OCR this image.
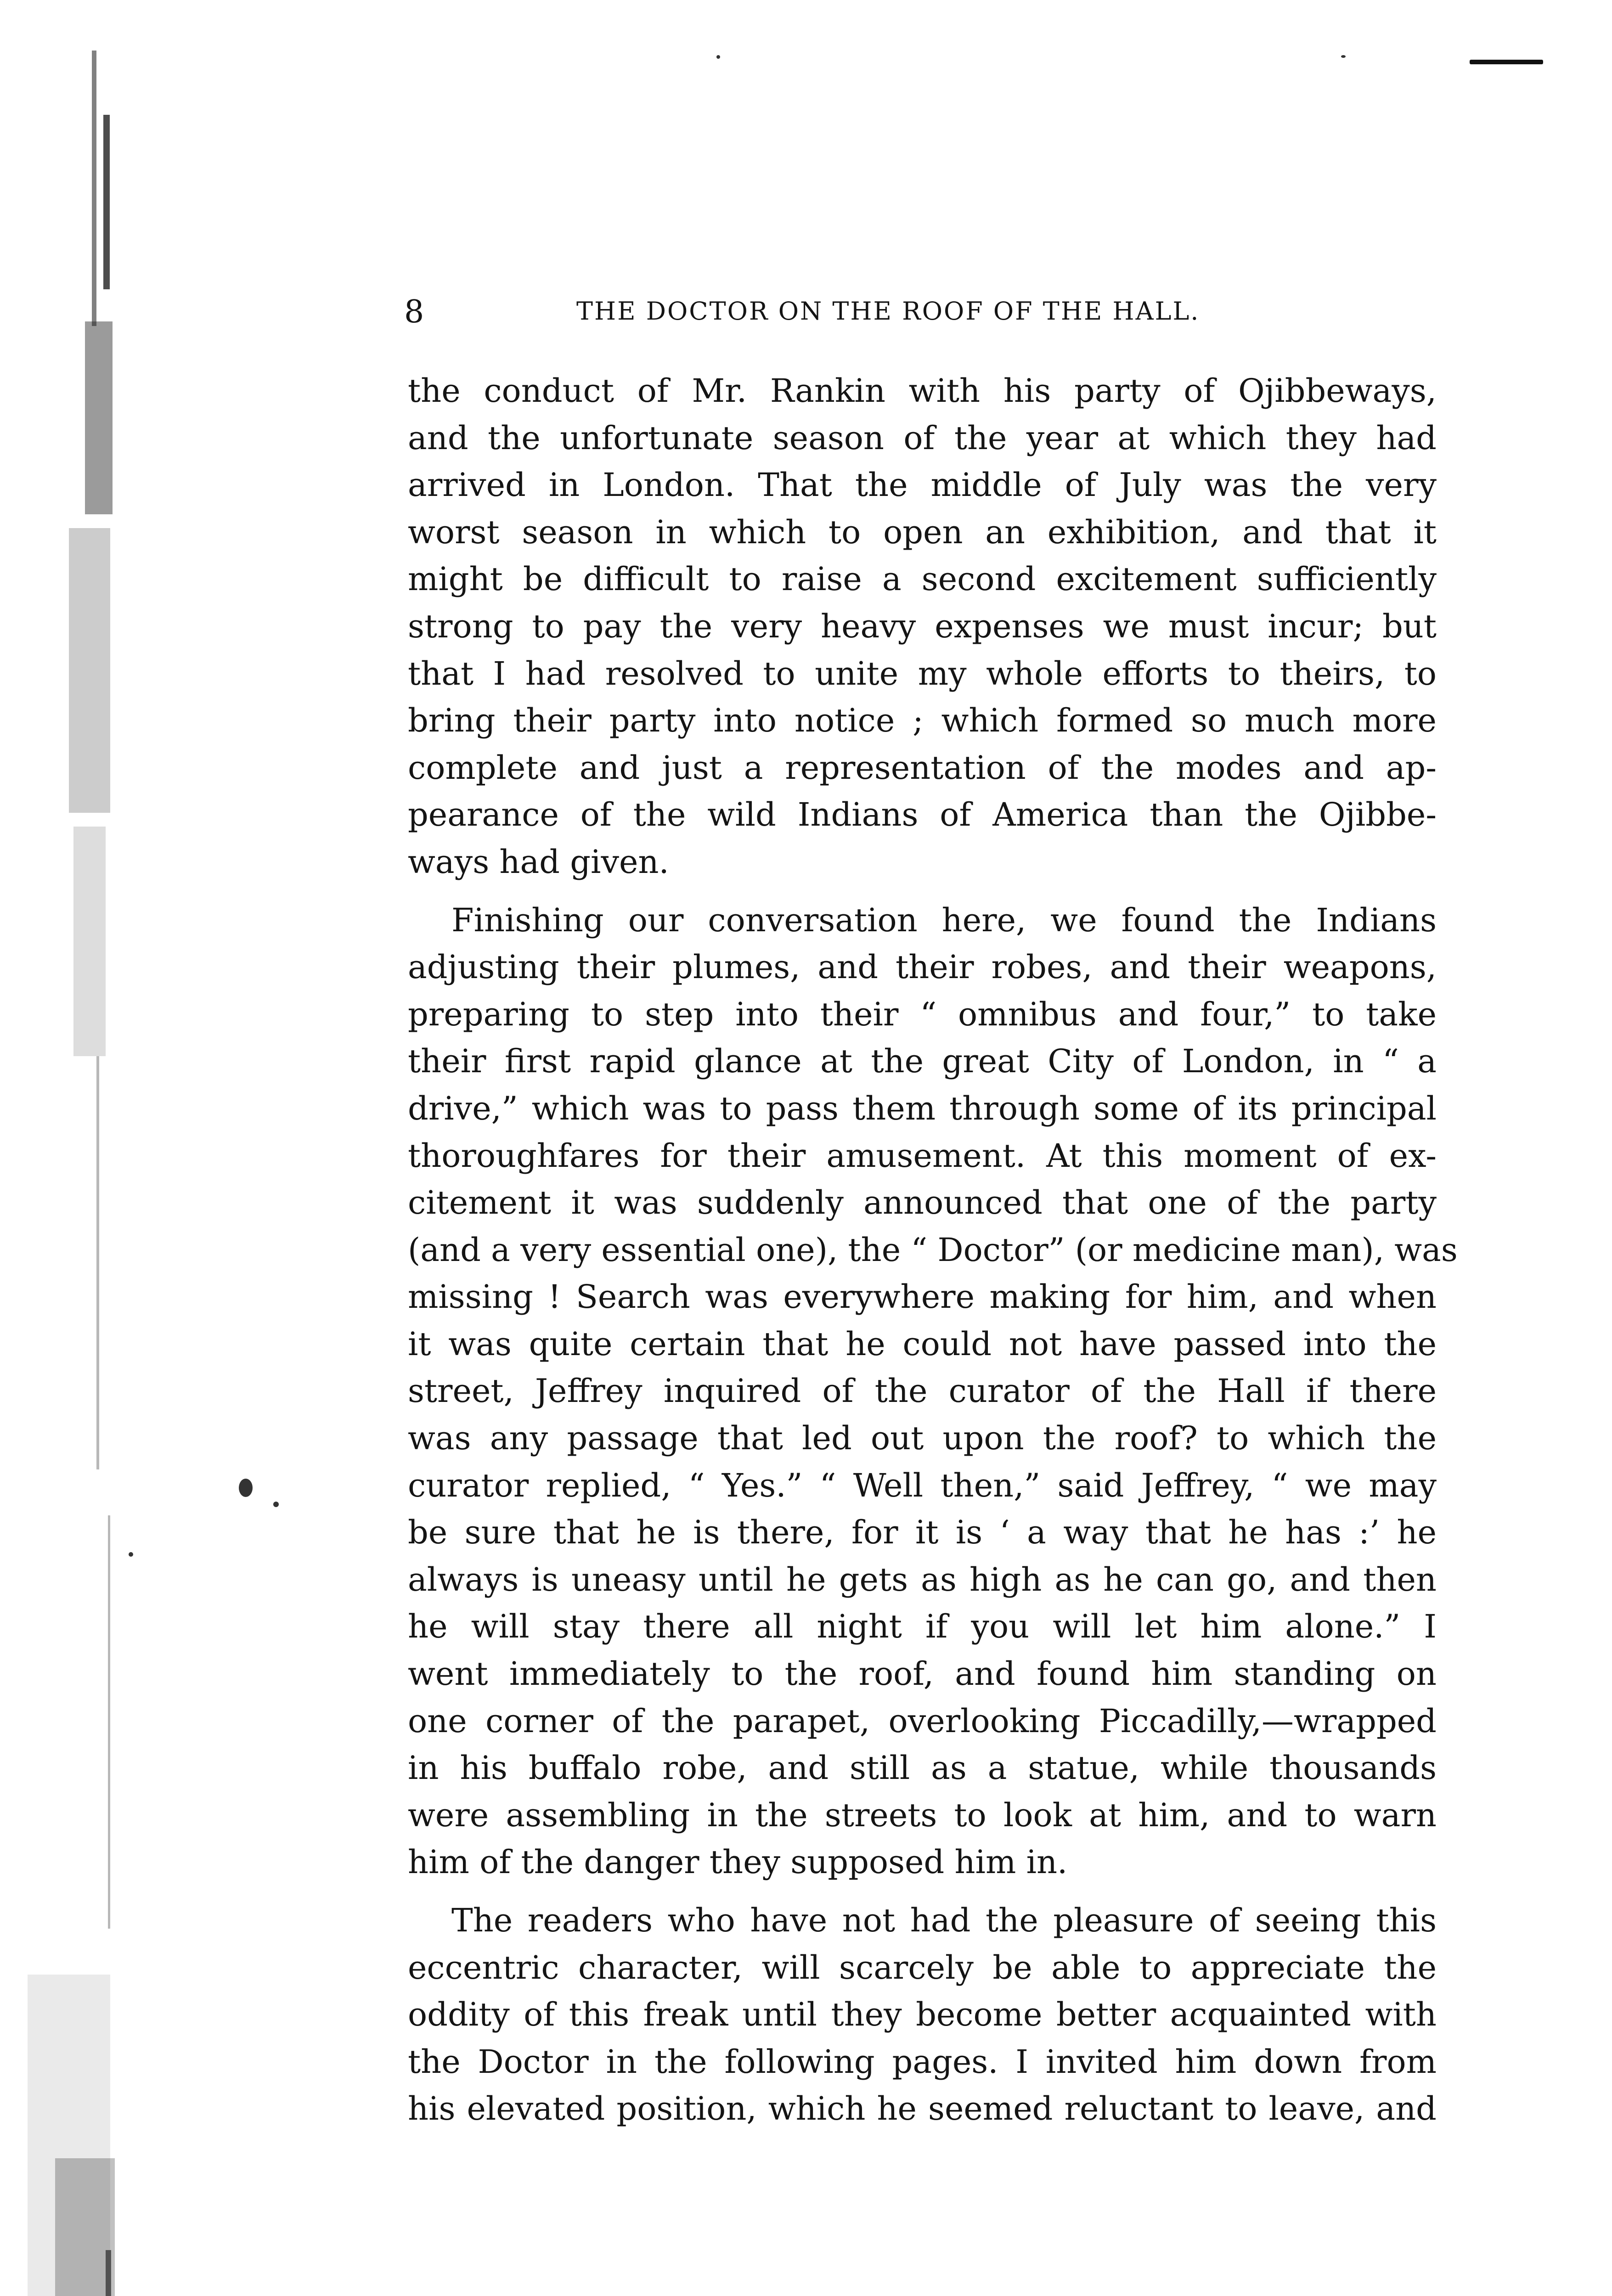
8	THE DOCTOR ON THE ROOF OF THE HALL.
the conduct of Mr. Rankin with his party of Ojibbeways,
and the unfortunate season of the year at which they had
arrived in London. That the middle of July was the very
worst season in which to open an exhibition, and that it
might be difficult to raise a second excitement sufficiently
strong to pay the very heavy expenses we must incur; but
that I had resolved to unite my whole efforts to theirs, to
bring their party into notice ; which formed so much more
complete and just a representation of the modes and ap-
pearance of the wild Indians of America than the Ojibbe-
ways had given.
Finishing our conversation here, we found the Indians
adjusting their plumes, and their robes, and their weapons,
preparing to step into their “ omnibus and four,” to take
their first rapid glance at the great City of London, in “ a
drive,” which was to pass them through some of its principal
thoroughfares for their amusement. At this moment of ex-
citement it was suddenly announced that one of the party
(and a very essential one), the “ Doctor” (or medicine man), was
missing ! Search was everywhere making for him, and when
it was quite certain that he could not have passed into the
street, Jeffrey inquired of the curator of the Hall if there
was any passage that led out upon the roof? to which the
curator replied, “ Yes.” “ Well then,” said Jeffrey, “ we may
be sure that he is there, for it is ‘ a way that he has :’ he
always is uneasy until he gets as high as he can go, and then
he will stay there all night if you will let him alone.” I
went immediately to the roof, and found him standing on
one corner of the parapet, overlooking Piccadilly,—wrapped
in his buffalo robe, and still as a statue, while thousands
were assembling in the streets to look at him, and to warn
him of the danger they supposed him in.
The readers who have not had the pleasure of seeing this
eccentric character, will scarcely be able to appreciate the
oddity of this freak until they become better acquainted with
the Doctor in the following pages. I invited him down from
his elevated position, which he seemed reluctant to leave, and
